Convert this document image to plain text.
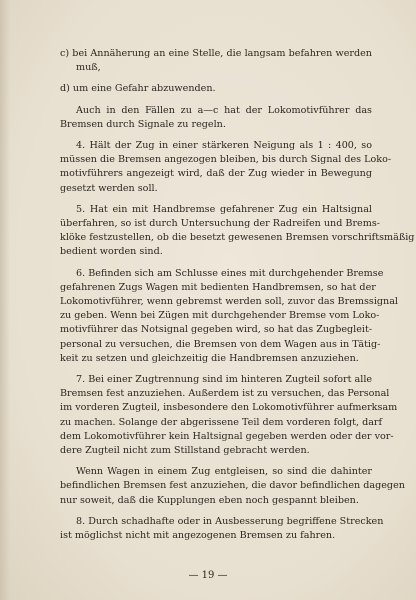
c) bei Annäherung an eine Stelle, die langsam befahren werden
muß,
d) um eine Gefahr abzuwenden.
Auch in den Fällen zu a—c hat der Lokomotivführer das
Bremsen durch Signale zu regeln.
4. Hält der Zug in einer stärkeren Neigung als 1 : 400, so
müssen die Bremsen angezogen bleiben, bis durch Signal des Loko-
motivführers angezeigt wird, daß der Zug wieder in Bewegung
gesetzt werden soll.
5. Hat ein mit Handbremse gefahrener Zug ein Haltsignal
überfahren, so ist durch Untersuchung der Radreifen und Brems-
klöke festzustellen, ob die besetzt gewesenen Bremsen vorschriftsmäßig
bedient worden sind.
6. Befinden sich am Schlusse eines mit durchgehender Bremse
gefahrenen Zugs Wagen mit bedienten Handbremsen, so hat der
Lokomotivführer, wenn gebremst werden soll, zuvor das Bremssignal
zu geben. Wenn bei Zügen mit durchgehender Bremse vom Loko-
motivführer das Notsignal gegeben wird, so hat das Zugbegleit-
personal zu versuchen, die Bremsen von dem Wagen aus in Tätig-
keit zu setzen und gleichzeitig die Handbremsen anzuziehen.
7. Bei einer Zugtrennung sind im hinteren Zugteil sofort alle
Bremsen fest anzuziehen. Außerdem ist zu versuchen, das Personal
im vorderen Zugteil, insbesondere den Lokomotivführer aufmerksam
zu machen. Solange der abgerissene Teil dem vorderen folgt, darf
dem Lokomotivführer kein Haltsignal gegeben werden oder der vor-
dere Zugteil nicht zum Stillstand gebracht werden.
Wenn Wagen in einem Zug entgleisen, so sind die dahinter
befindlichen Bremsen fest anzuziehen, die davor befindlichen dagegen
nur soweit, daß die Kupplungen eben noch gespannt bleiben.
8. Durch schadhafte oder in Ausbesserung begriffene Strecken
ist möglichst nicht mit angezogenen Bremsen zu fahren.
— 19 —
